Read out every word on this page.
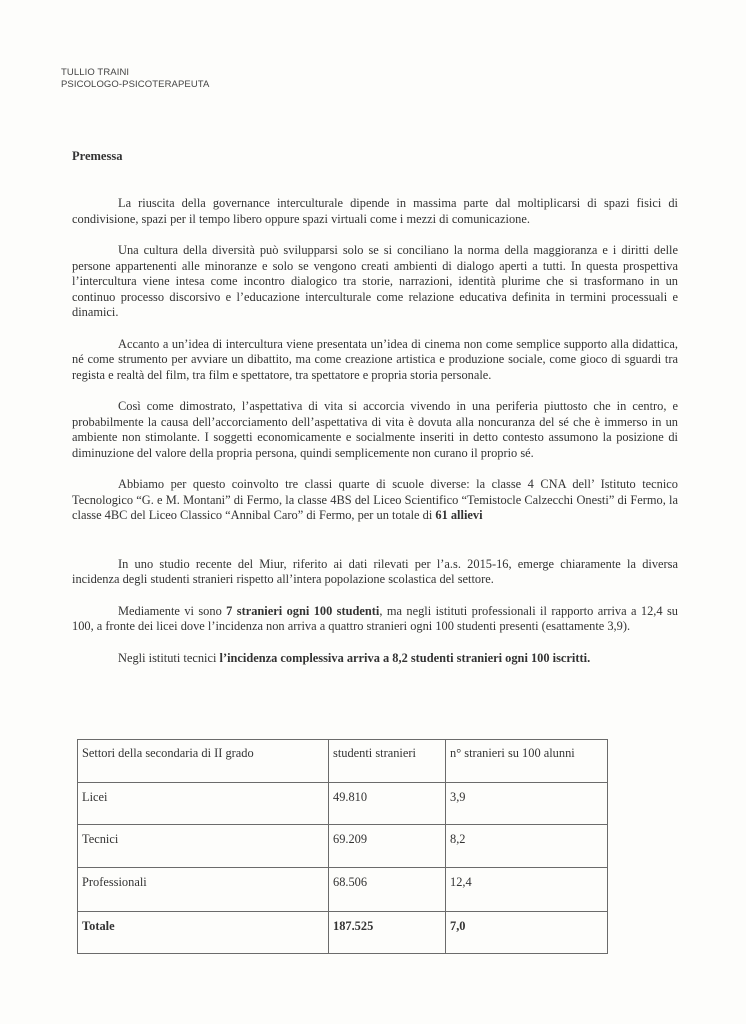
TULLIO TRAINI
PSICOLOGO-PSICOTERAPEUTA
Premessa

La riuscita della governance interculturale dipende in massima parte dal moltiplicarsi di spazi fisici di condivisione, spazi per il tempo libero oppure spazi virtuali come i mezzi di comunicazione.

Una cultura della diversità può svilupparsi solo se si conciliano la norma della maggioranza e i diritti delle persone appartenenti alle minoranze e solo se vengono creati ambienti di dialogo aperti a tutti. In questa prospettiva l’intercultura viene intesa come incontro dialogico tra storie, narrazioni, identità plurime che si trasformano in un continuo processo discorsivo e l’educazione interculturale come relazione educativa definita in termini processuali e dinamici.

Accanto a un’idea di intercultura viene presentata un’idea di cinema non come semplice supporto alla didattica, né come strumento per avviare un dibattito, ma come creazione artistica e produzione sociale, come gioco di sguardi tra regista e realtà del film, tra film e spettatore, tra spettatore e propria storia personale.

Così come dimostrato, l’aspettativa di vita si accorcia vivendo in una periferia piuttosto che in centro, e probabilmente la causa dell’accorciamento dell’aspettativa di vita è dovuta alla noncuranza del sé che è immerso in un ambiente non stimolante. I soggetti economicamente e socialmente inseriti in detto contesto assumono la posizione di diminuzione del valore della propria persona, quindi semplicemente non curano il proprio sé.

Abbiamo per questo coinvolto tre classi quarte di scuole diverse: la classe 4 CNA dell’ Istituto tecnico Tecnologico “G. e M. Montani” di Fermo, la classe 4BS del Liceo Scientifico “Temistocle Calzecchi Onesti” di Fermo, la classe 4BC del Liceo Classico “Annibal Caro” di Fermo, per un totale di 61 allievi

In uno studio recente del Miur, riferito ai dati rilevati per l’a.s. 2015-16, emerge chiaramente la diversa incidenza degli studenti stranieri rispetto all’intera popolazione scolastica del settore.

Mediamente vi sono 7 stranieri ogni 100 studenti, ma negli istituti professionali il rapporto arriva a 12,4 su 100, a fronte dei licei dove l’incidenza non arriva a quattro stranieri ogni 100 studenti presenti (esattamente 3,9).

Negli istituti tecnici l’incidenza complessiva arriva a 8,2 studenti stranieri ogni 100 iscritti.

Settori della secondaria di II grado	studenti stranieri	n° stranieri su 100 alunni
Licei	49.810	3,9
Tecnici	69.209	8,2
Professionali	68.506	12,4
Totale	187.525	7,0
